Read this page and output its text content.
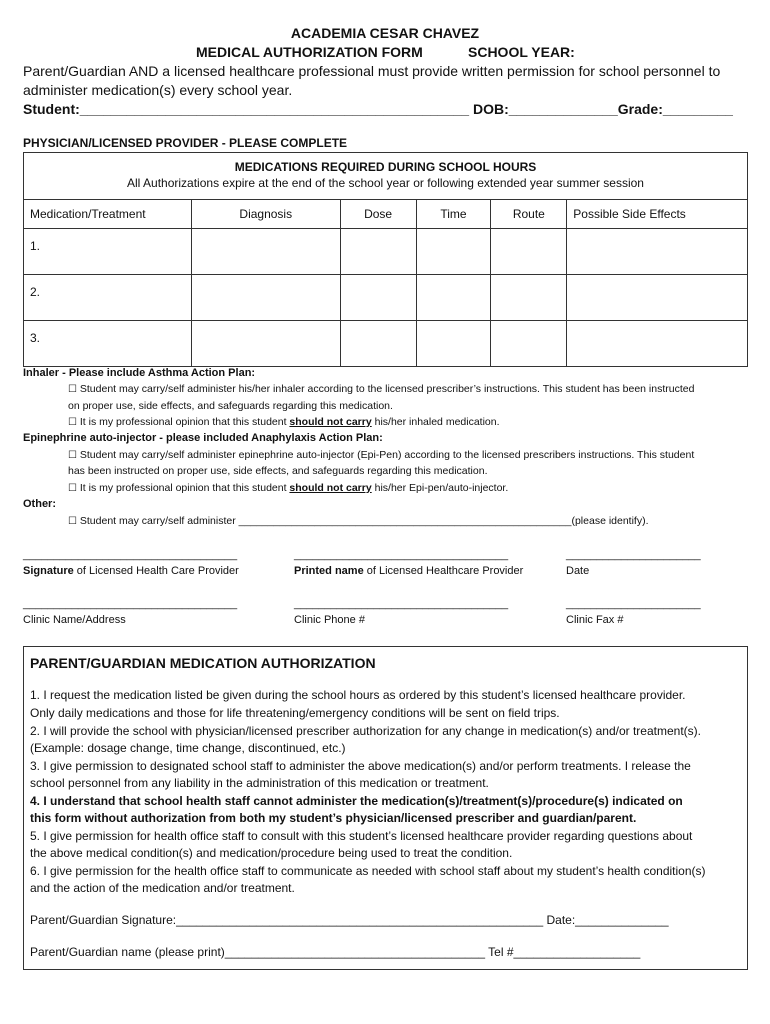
ACADEMIA CESAR CHAVEZ
MEDICAL AUTHORIZATION FORM	SCHOOL YEAR:
Parent/Guardian AND a licensed healthcare professional must provide written permission for school personnel to
administer medication(s) every school year.
Student:__________________________________________________ DOB:______________Grade:_________
PHYSICIAN/LICENSED PROVIDER - PLEASE COMPLETE
MEDICATIONS REQUIRED DURING SCHOOL HOURS
All Authorizations expire at the end of the school year or following extended year summer session
Medication/Treatment	Diagnosis	Dose	Time	Route	Possible Side Effects
1.					
2.					
3.					
Inhaler - Please include Asthma Action Plan:
☐ Student may carry/self administer his/her inhaler according to the licensed prescriber’s instructions. This student has been instructed
on proper use, side effects, and safeguards regarding this medication.
☐ It is my professional opinion that this student should not carry his/her inhaled medication.
Epinephrine auto-injector - please included Anaphylaxis Action Plan:
☐ Student may carry/self administer epinephrine auto-injector (Epi-Pen) according to the licensed prescribers instructions. This student
has been instructed on proper use, side effects, and safeguards regarding this medication.
☐ It is my professional opinion that this student should not carry his/her Epi-pen/auto-injector.
Other:
☐ Student may carry/self administer _________________________________________________________(please identify).
___________________________________	___________________________________	______________________
Signature of Licensed Health Care Provider	Printed name of Licensed Healthcare Provider	Date
___________________________________	___________________________________	______________________
Clinic Name/Address	Clinic Phone #	Clinic Fax #
PARENT/GUARDIAN MEDICATION AUTHORIZATION
1. I request the medication listed be given during the school hours as ordered by this student’s licensed healthcare provider.
Only daily medications and those for life threatening/emergency conditions will be sent on field trips.
2. I will provide the school with physician/licensed prescriber authorization for any change in medication(s) and/or treatment(s).
(Example: dosage change, time change, discontinued, etc.)
3. I give permission to designated school staff to administer the above medication(s) and/or perform treatments. I release the
school personnel from any liability in the administration of this medication or treatment.
4. I understand that school health staff cannot administer the medication(s)/treatment(s)/procedure(s) indicated on
this form without authorization from both my student’s physician/licensed prescriber and guardian/parent.
5. I give permission for health office staff to consult with this student’s licensed healthcare provider regarding questions about
the above medical condition(s) and medication/procedure being used to treat the condition.
6. I give permission for the health office staff to communicate as needed with school staff about my student’s health condition(s)
and the action of the medication and/or treatment.
Parent/Guardian Signature:_______________________________________________________ Date:______________
Parent/Guardian name (please print)_______________________________________ Tel #___________________
